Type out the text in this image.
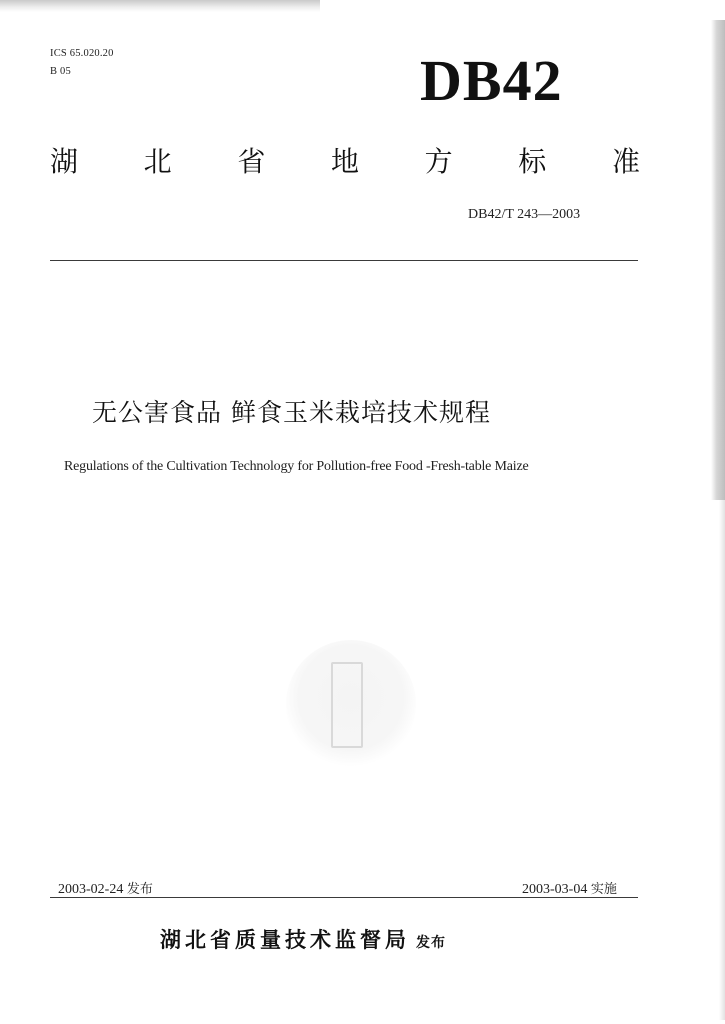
ICS 65.020.20
B 05	DB42
湖 北 省 地 方 标 准
DB42/T 243—2003
无公害食品 鲜食玉米栽培技术规程
Regulations of the Cultivation Technology for Pollution-free Food -Fresh-table Maize
2003-02-24 发布	2003-03-04 实施
湖北省质量技术监督局 发布
